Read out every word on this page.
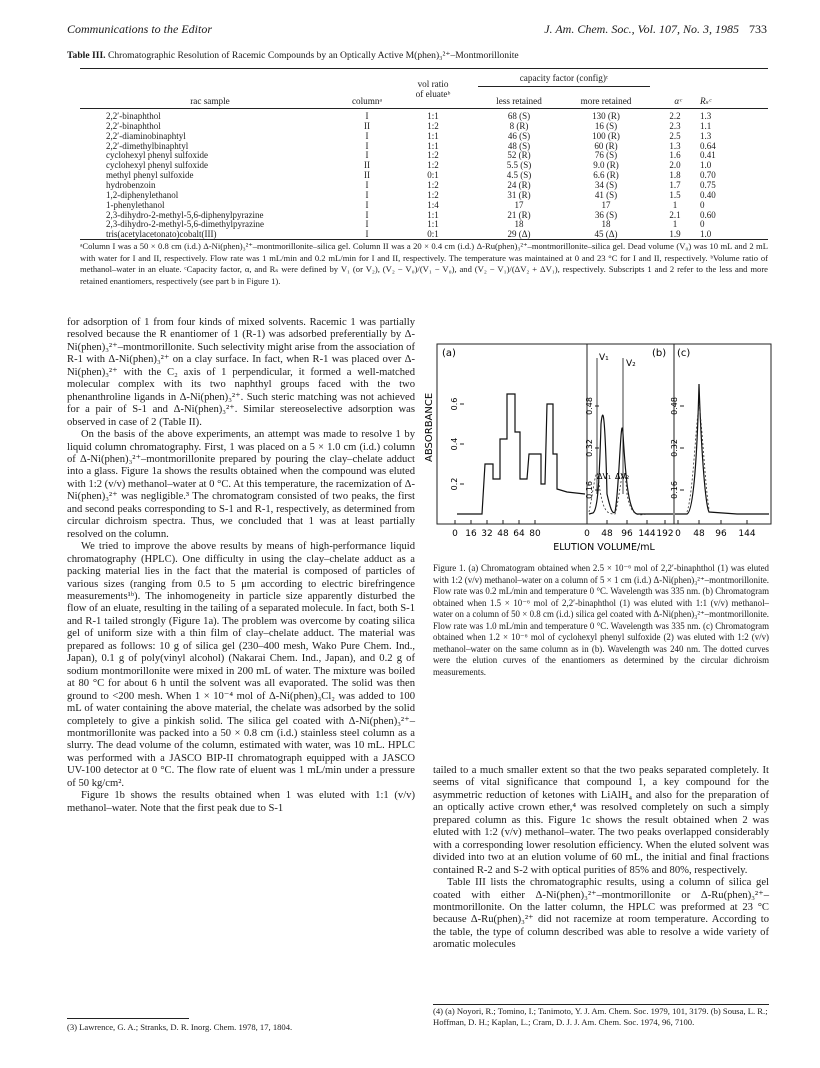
Communications to the Editor	J. Am. Chem. Soc., Vol. 107, No. 3, 1985 733
Table III. Chromatographic Resolution of Racemic Compounds by an Optically Active M(phen)₃²⁺–Montmorillonite
vol ratio
of eluateᵇ
capacity factor (config)ᶜ
rac sample	columnᵃ	less retained	more retained	αᶜ	Rₛᶜ
2,2′-binaphthol	I	1:1	68 (S)	130 (R)	2.2	1.3
2,2′-binaphthol	II	1:2	8 (R)	16 (S)	2.3	1.1
2,2′-diaminobinaphtyl	I	1:1	46 (S)	100 (R)	2.5	1.3
2,2′-dimethylbinaphtyl	I	1:1	48 (S)	60 (R)	1.3	0.64
cyclohexyl phenyl sulfoxide	I	1:2	52 (R)	76 (S)	1.6	0.41
cyclohexyl phenyl sulfoxide	II	1:2	5.5 (S)	9.0 (R)	2.0	1.0
methyl phenyl sulfoxide	II	0:1	4.5 (S)	6.6 (R)	1.8	0.70
hydrobenzoin	I	1:2	24 (R)	34 (S)	1.7	0.75
1,2-diphenylethanol	I	1:2	31 (R)	41 (S)	1.5	0.40
1-phenylethanol	I	1:4	17	17	1	0
2,3-dihydro-2-methyl-5,6-diphenylpyrazine	I	1:1	21 (R)	36 (S)	2.1	0.60
2,3-dihydro-2-methyl-5,6-dimethylpyrazine	I	1:1	18	18	1	0
tris(acetylacetonato)cobalt(III)	I	0:1	29 (Δ)	45 (Δ)	1.9	1.0
ᵃColumn I was a 50 × 0.8 cm (i.d.) Δ-Ni(phen)₃²⁺–montmorillonite–silica gel. Column II was a 20 × 0.4 cm (i.d.) Δ-Ru(phen)₃²⁺–montmorillonite–silica gel. Dead volume (V₀) was 10 mL and 2 mL with water for I and II, respectively. Flow rate was 1 mL/min and 0.2 mL/min for I and II, respectively. The temperature was maintained at 0 and 23 °C for I and II, respectively. ᵇVolume ratio of methanol–water in an eluate. ᶜCapacity factor, α, and Rₛ were defined by V₁ (or V₂), (V₂ − V₀)/(V₁ − V₀), and (V₂ − V₁)/(ΔV₂ + ΔV₁), respectively. Subscripts 1 and 2 refer to the less and more retained enantiomers, respectively (see part b in Figure 1).

for adsorption of 1 from four kinds of mixed solvents. Racemic 1 was partially resolved because the R enantiomer of 1 (R-1) was adsorbed preferentially by Δ-Ni(phen)₃²⁺–montmorillonite. Such selectivity might arise from the association of R-1 with Δ-Ni(phen)₃²⁺ on a clay surface. In fact, when R-1 was placed over Δ-Ni(phen)₃²⁺ with the C₂ axis of 1 perpendicular, it formed a well-matched molecular complex with its two naphthyl groups faced with the two phenanthroline ligands in Δ-Ni(phen)₃²⁺. Such steric matching was not achieved for a pair of S-1 and Δ-Ni(phen)₃²⁺. Similar stereoselective adsorption was observed in case of 2 (Table II).

On the basis of the above experiments, an attempt was made to resolve 1 by liquid column chromatography. First, 1 was placed on a 5 × 1.0 cm (i.d.) column of Δ-Ni(phen)₃²⁺–montmorillonite prepared by pouring the clay–chelate adduct into a glass. Figure 1a shows the results obtained when the compound was eluted with 1:2 (v/v) methanol–water at 0 °C. At this temperature, the racemization of Δ-Ni(phen)₃²⁺ was negligible.³ The chromatogram consisted of two peaks, the first and second peaks corresponding to S-1 and R-1, respectively, as determined from circular dichroism spectra. Thus, we concluded that 1 was at least partially resolved on the column.

We tried to improve the above results by means of high-performance liquid chromatography (HPLC). One difficulty in using the clay–chelate adduct as a packing material lies in the fact that the material is composed of particles of various sizes (ranging from 0.5 to 5 μm according to electric birefringence measurements¹ᵇ). The inhomogeneity in particle size apparently disturbed the flow of an eluate, resulting in the tailing of a separated molecule. In fact, both S-1 and R-1 tailed strongly (Figure 1a). The problem was overcome by coating silica gel of uniform size with a thin film of clay–chelate adduct. The material was prepared as follows: 10 g of silica gel (230–400 mesh, Wako Pure Chem. Ind., Japan), 0.1 g of poly(vinyl alcohol) (Nakarai Chem. Ind., Japan), and 0.2 g of sodium montmorillonite were mixed in 200 mL of water. The mixture was boiled at 80 °C for about 6 h until the solvent was all evaporated. The solid was then ground to <200 mesh. When 1 × 10⁻⁴ mol of Δ-Ni(phen)₃Cl₂ was added to 100 mL of water containing the above material, the chelate was adsorbed by the solid completely to give a pinkish solid. The silica gel coated with Δ-Ni(phen)₃²⁺–montmorillonite was packed into a 50 × 0.8 cm (i.d.) stainless steel column as a slurry. The dead volume of the column, estimated with water, was 10 mL. HPLC was performed with a JASCO BIP-II chromatograph equipped with a JASCO UV-100 detector at 0 °C. The flow rate of eluent was 1 mL/min under a pressure of 50 kg/cm².

Figure 1b shows the results obtained when 1 was eluted with 1:1 (v/v) methanol–water. Note that the first peak due to S-1

(3) Lawrence, G. A.; Stranks, D. R. Inorg. Chem. 1978, 17, 1804.
(a)	(b) (c)
ABSORBANCE
0.2
0.4
0.6
0.16
0.32
0.48
0.16
0.32
0.48
V₁
V₂
ΔV₁ ΔV₂
0 16 32 48 64 80	0 48 96 144 192 0 48 96 144
ELUTION VOLUME/mL
Figure 1. (a) Chromatogram obtained when 2.5 × 10⁻⁶ mol of 2,2′-binaphthol (1) was eluted with 1:2 (v/v) methanol–water on a column of 5 × 1 cm (i.d.) Δ-Ni(phen)₃²⁺–montmorillonite. Flow rate was 0.2 mL/min and temperature 0 °C. Wavelength was 335 nm. (b) Chromatogram obtained when 1.5 × 10⁻⁶ mol of 2,2′-binaphthol (1) was eluted with 1:1 (v/v) methanol–water on a column of 50 × 0.8 cm (i.d.) silica gel coated with Δ-Ni(phen)₃²⁺–montmorillonite. Flow rate was 1.0 mL/min and temperature 0 °C. Wavelength was 335 nm. (c) Chromatogram obtained when 1.2 × 10⁻⁶ mol of cyclohexyl phenyl sulfoxide (2) was eluted with 1:2 (v/v) methanol–water on the same column as in (b). Wavelength was 240 nm. The dotted curves were the elution curves of the enantiomers as determined by the circular dichroism measurements.

tailed to a much smaller extent so that the two peaks separated completely. It seems of vital significance that compound 1, a key compound for the asymmetric reduction of ketones with LiAlH₄ and also for the preparation of an optically active crown ether,⁴ was resolved completely on such a simply prepared column as this. Figure 1c shows the result obtained when 2 was eluted with 1:2 (v/v) methanol–water. The two peaks overlapped considerably with a corresponding lower resolution efficiency. When the eluted solvent was divided into two at an elution volume of 60 mL, the initial and final fractions contained R-2 and S-2 with optical purities of 85% and 80%, respectively.

Table III lists the chromatographic results, using a column of silica gel coated with either Δ-Ni(phen)₃²⁺–montmorillonite or Δ-Ru(phen)₃²⁺–montmorillonite. On the latter column, the HPLC was preformed at 23 °C because Δ-Ru(phen)₃²⁺ did not racemize at room temperature. According to the table, the type of column described was able to resolve a wide variety of aromatic molecules

(4) (a) Noyori, R.; Tomino, I.; Tanimoto, Y. J. Am. Chem. Soc. 1979, 101, 3179. (b) Sousa, L. R.; Hoffman, D. H.; Kaplan, L.; Cram, D. J. J. Am. Chem. Soc. 1974, 96, 7100.
